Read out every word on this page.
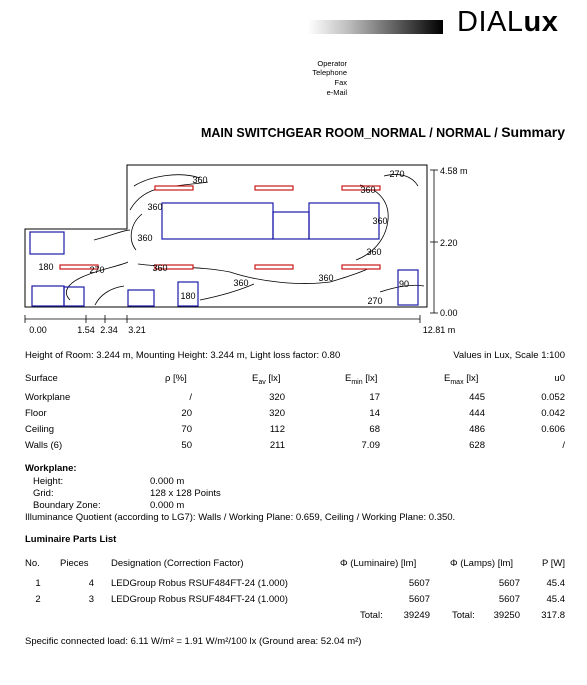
DIALux
Operator
Telephone
Fax
e-Mail
MAIN SWITCHGEAR ROOM_NORMAL / NORMAL / Summary
360
270
360
360
360
360
360
180	270	360
360
180
360
270
90
4.58 m
2.20
0.00
0.00	1.54 2.34 3.21	12.81 m
Height of Room: 3.244 m, Mounting Height: 3.244 m, Light loss factor: 0.80	Values in Lux, Scale 1:100
Surface	ρ [%]	$E_{av}$ [lx]	$E_{min}$ [lx]	$E_{max}$ [lx]	u0
Workplane	/	320	17	445	0.052
Floor	20	320	14	444	0.042
Ceiling	70	112	68	486	0.606
Walls (6)	50	211	7.09	628	/
Workplane:
Height:	0.000 m
Grid:	128 x 128 Points
Boundary Zone:	0.000 m
Illuminance Quotient (according to LG7): Walls / Working Plane: 0.659, Ceiling / Working Plane: 0.350.
Luminaire Parts List
No. Pieces Designation (Correction Factor)	Φ (Luminaire) [lm]	Φ (Lamps) [lm]	P [W]
1	4 LEDGroup Robus RSUF484FT-24 (1.000)	5607	5607	45.4
2	3 LEDGroup Robus RSUF484FT-24 (1.000)	5607	5607	45.4
Total:	39249 Total:	39250 317.8
Specific connected load: 6.11 W/m² = 1.91 W/m²/100 lx (Ground area: 52.04 m²)
